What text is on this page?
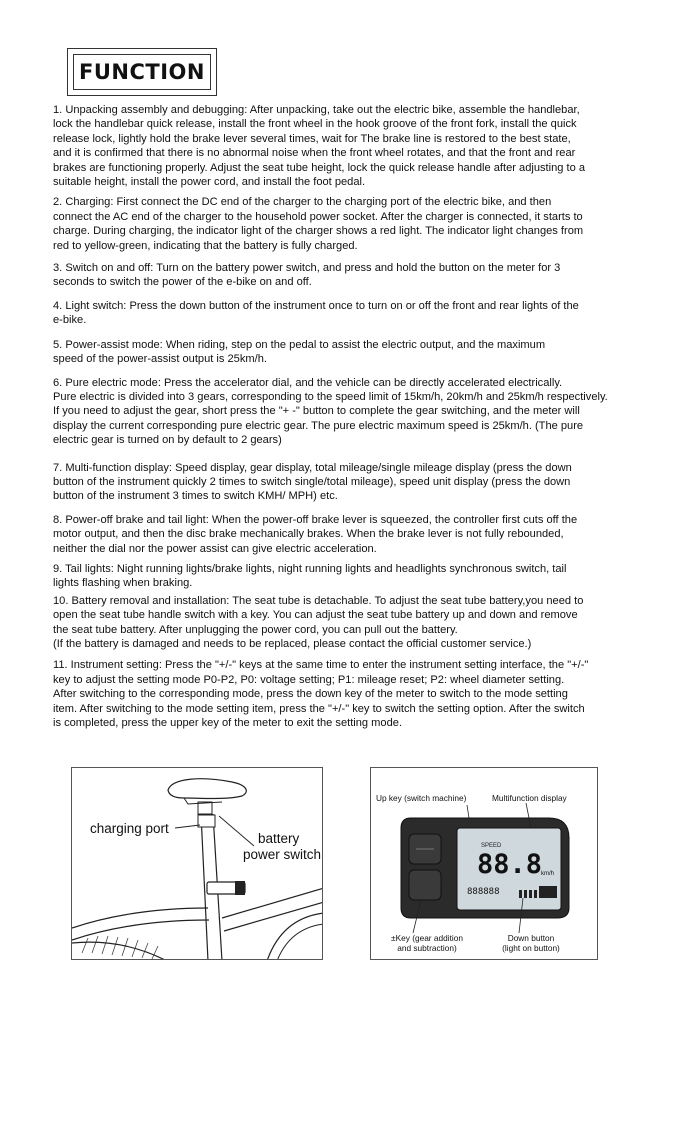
FUNCTION

1. Unpacking assembly and debugging: After unpacking, take out the electric bike, assemble the handlebar,
lock the handlebar quick release, install the front wheel in the hook groove of the front fork, install the quick
release lock, lightly hold the brake lever several times, wait for The brake line is restored to the best state,
and it is confirmed that there is no abnormal noise when the front wheel rotates, and that the front and rear
brakes are functioning properly. Adjust the seat tube height, lock the quick release handle after adjusting to a
suitable height, install the power cord, and install the foot pedal.

2. Charging: First connect the DC end of the charger to the charging port of the electric bike, and then
connect the AC end of the charger to the household power socket. After the charger is connected, it starts to
charge. During charging, the indicator light of the charger shows a red light. The indicator light changes from
red to yellow-green, indicating that the battery is fully charged.

3. Switch on and off: Turn on the battery power switch, and press and hold the button on the meter for 3
seconds to switch the power of the e-bike on and off.

4. Light switch: Press the down button of the instrument once to turn on or off the front and rear lights of the
e-bike.

5. Power-assist mode: When riding, step on the pedal to assist the electric output, and the maximum
speed of the power-assist output is 25km/h.

6. Pure electric mode: Press the accelerator dial, and the vehicle can be directly accelerated electrically.
Pure electric is divided into 3 gears, corresponding to the speed limit of 15km/h, 20km/h and 25km/h respectively.
If you need to adjust the gear, short press the "+ -" button to complete the gear switching, and the meter will
display the current corresponding pure electric gear. The pure electric maximum speed is 25km/h. (The pure
electric gear is turned on by default to 2 gears)

7. Multi-function display: Speed display, gear display, total mileage/single mileage display (press the down
button of the instrument quickly 2 times to switch single/total mileage), speed unit display (press the down
button of the instrument 3 times to switch KMH/ MPH) etc.

8. Power-off brake and tail light: When the power-off brake lever is squeezed, the controller first cuts off the
motor output, and then the disc brake mechanically brakes. When the brake lever is not fully rebounded,
neither the dial nor the power assist can give electric acceleration.

9. Tail lights: Night running lights/brake lights, night running lights and headlights synchronous switch, tail
lights flashing when braking.

10. Battery removal and installation: The seat tube is detachable. To adjust the seat tube battery,you need to
open the seat tube handle switch with a key. You can adjust the seat tube battery up and down and remove
the seat tube battery. After unplugging the power cord, you can pull out the battery.
(If the battery is damaged and needs to be replaced, please contact the official customer service.)

11. Instrument setting: Press the "+/-" keys at the same time to enter the instrument setting interface, the "+/-"
key to adjust the setting mode P0-P2, P0: voltage setting; P1: mileage reset; P2: wheel diameter setting.
After switching to the corresponding mode, press the down key of the meter to switch to the mode setting
item. After switching to the mode setting item, press the "+/-" key to switch the setting option. After the switch
is completed, press the upper key of the meter to exit the setting mode.

charging port
battery
power switch
SPEED
88.8
km/h
888888
Up key (switch machine)	Multifunction display
±Key (gear addition
and subtraction)
Down button
(light on button)
